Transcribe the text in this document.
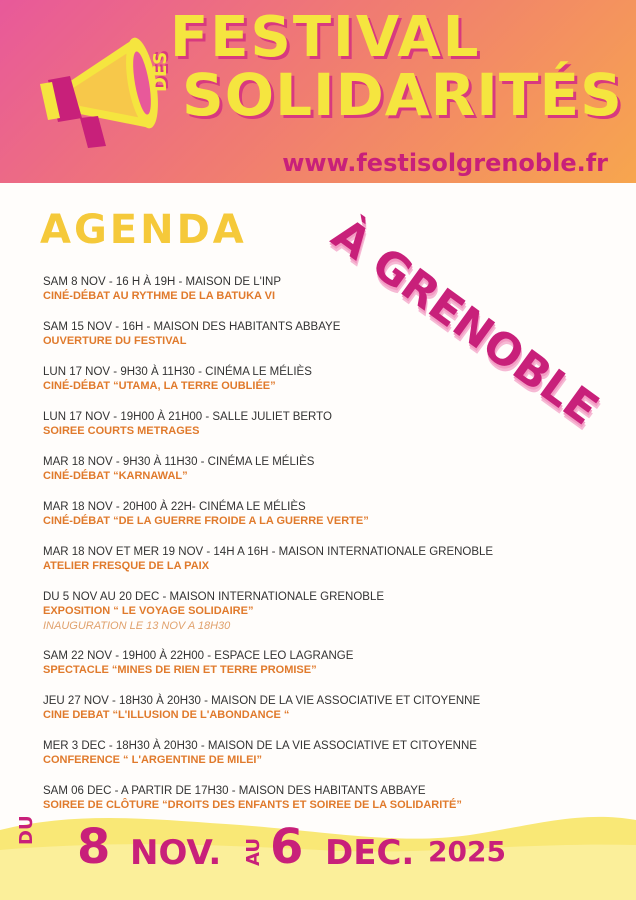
FESTIVAL
DES SOLIDARITÉS
www.festisolgrenoble.fr
AGENDA À GRENOBLE
SAM 8 NOV - 16 H À 19H - MAISON DE L'INP
CINÉ-DÉBAT AU RYTHME DE LA BATUKA VI
SAM 15 NOV - 16H - MAISON DES HABITANTS ABBAYE
OUVERTURE DU FESTIVAL
LUN 17 NOV - 9H30 À 11H30 - CINÉMA LE MÉLIÈS
CINÉ-DÉBAT “UTAMA, LA TERRE OUBLIÉE”
LUN 17 NOV - 19H00 À 21H00 - SALLE JULIET BERTO
SOIREE COURTS METRAGES
MAR 18 NOV - 9H30 À 11H30 - CINÉMA LE MÉLIÈS
CINÉ-DÉBAT “KARNAWAL”
MAR 18 NOV - 20H00 À 22H- CINÉMA LE MÉLIÈS
CINÉ-DÉBAT “DE LA GUERRE FROIDE A LA GUERRE VERTE”
MAR 18 NOV ET MER 19 NOV - 14H A 16H - MAISON INTERNATIONALE GRENOBLE
ATELIER FRESQUE DE LA PAIX
DU 5 NOV AU 20 DEC - MAISON INTERNATIONALE GRENOBLE
EXPOSITION “ LE VOYAGE SOLIDAIRE”
INAUGURATION LE 13 NOV A 18H30
SAM 22 NOV - 19H00 À 22H00 - ESPACE LEO LAGRANGE
SPECTACLE “MINES DE RIEN ET TERRE PROMISE”
JEU 27 NOV - 18H30 À 20H30 - MAISON DE LA VIE ASSOCIATIVE ET CITOYENNE
CINE DEBAT “L'ILLUSION DE L'ABONDANCE “
MER 3 DEC - 18H30 À 20H30 - MAISON DE LA VIE ASSOCIATIVE ET CITOYENNE
CONFERENCE “ L'ARGENTINE DE MILEI”
SAM 06 DEC - A PARTIR DE 17H30 - MAISON DES HABITANTS ABBAYE
SOIREE DE CLÔTURE “DROITS DES ENFANTS ET SOIREE DE LA SOLIDARITÉ”
DU 8 NOV. AU 6 DEC. 2025
